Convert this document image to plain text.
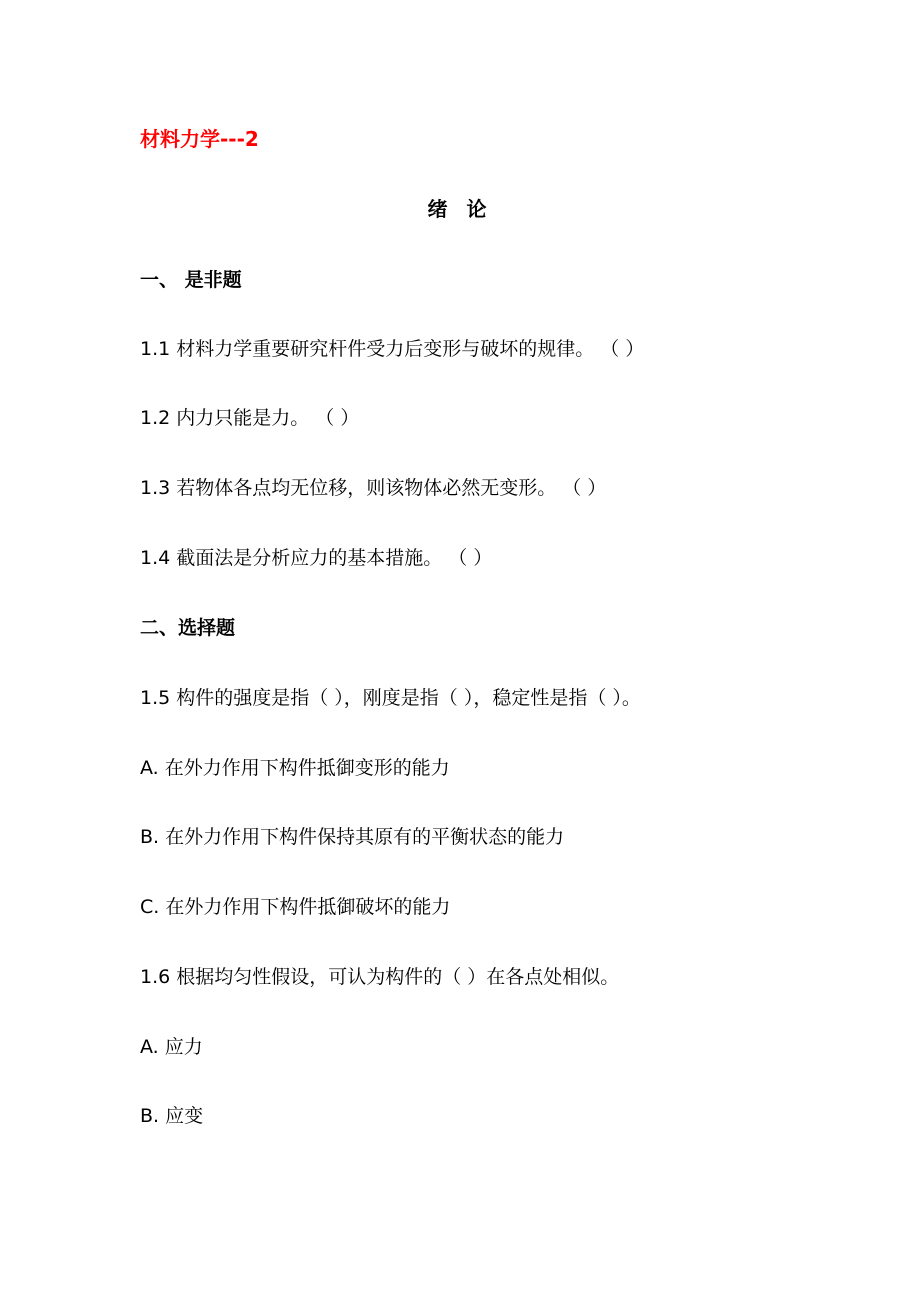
材料力学---2
绪 论
一、 是非题
1.1 材料力学重要研究杆件受力后变形与破坏的规律。 （ ）
1.2 内力只能是力。 （ ）
1.3 若物体各点均无位移，则该物体必然无变形。 （ ）
1.4 截面法是分析应力的基本措施。 （ ）
二、选择题
1.5 构件的强度是指（ ），刚度是指（ ），稳定性是指（ ）。
A. 在外力作用下构件抵御变形的能力
B. 在外力作用下构件保持其原有的平衡状态的能力
C. 在外力作用下构件抵御破坏的能力
1.6 根据均匀性假设，可认为构件的（ ）在各点处相似。
A. 应力
B. 应变
